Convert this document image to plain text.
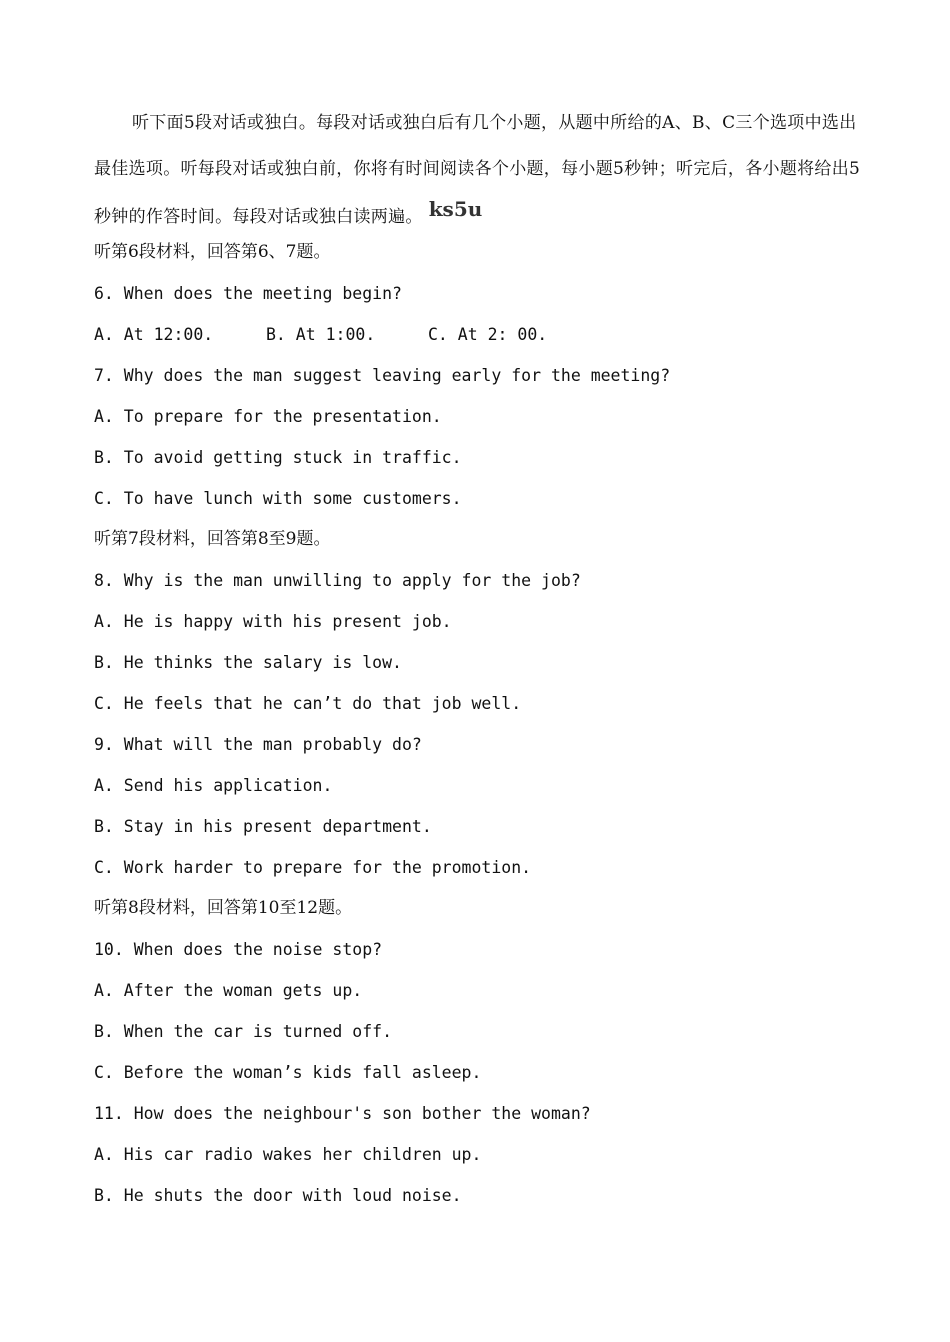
听下面5段对话或独白。每段对话或独白后有几个小题，从题中所给的A、B、C三个选项中选出最佳选项。听每段对话或独白前，你将有时间阅读各个小题，每小题5秒钟；听完后，各小题将给出5秒钟的作答时间。每段对话或独白读两遍。 ks5u

听第6段材料，回答第6、7题。
6. When does the meeting begin?
A. At 12:00.	B. At 1:00.	C. At 2: 00.
7. Why does the man suggest leaving early for the meeting?
A. To prepare for the presentation.
B. To avoid getting stuck in traffic.
C. To have lunch with some customers.
听第7段材料，回答第8至9题。
8. Why is the man unwilling to apply for the job?
A. He is happy with his present job.
B. He thinks the salary is low.
C. He feels that he can’t do that job well.
9. What will the man probably do?
A. Send his application.
B. Stay in his present department.
C. Work harder to prepare for the promotion.
听第8段材料，回答第10至12题。
10. When does the noise stop?
A. After the woman gets up.
B. When the car is turned off.
C. Before the woman’s kids fall asleep.
11. How does the neighbour's son bother the woman?
A. His car radio wakes her children up.
B. He shuts the door with loud noise.
